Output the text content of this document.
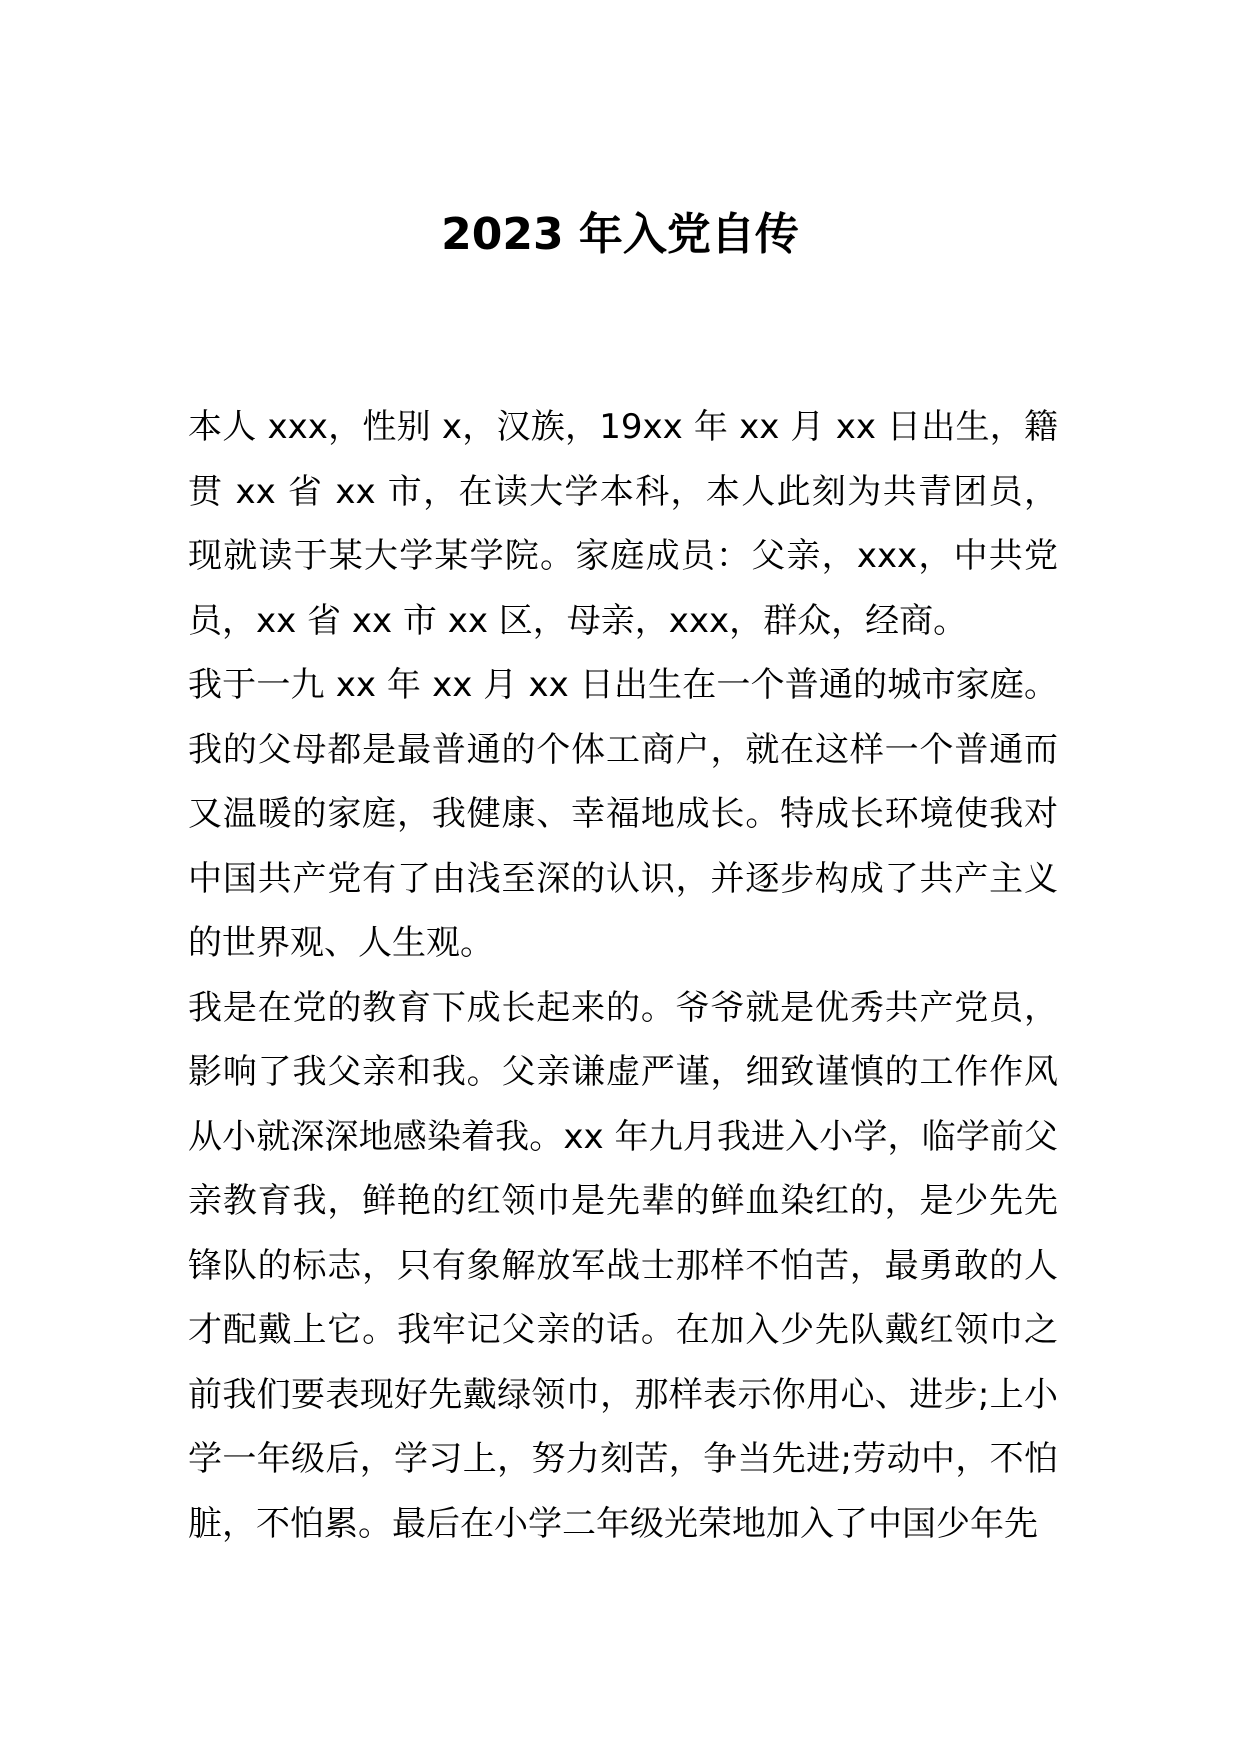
2023 年入党自传

本人 xxx，性别 x，汉族，19xx 年 xx 月 xx 日出生，籍贯 xx 省 xx 市，在读大学本科，本人此刻为共青团员，现就读于某大学某学院。家庭成员：父亲，xxx，中共党员，xx 省 xx 市 xx 区，母亲，xxx，群众，经商。

我于一九 xx 年 xx 月 xx 日出生在一个普通的城市家庭。我的父母都是最普通的个体工商户，就在这样一个普通而又温暖的家庭，我健康、幸福地成长。特成长环境使我对中国共产党有了由浅至深的认识，并逐步构成了共产主义的世界观、人生观。

我是在党的教育下成长起来的。爷爷就是优秀共产党员，影响了我父亲和我。父亲谦虚严谨，细致谨慎的工作作风从小就深深地感染着我。xx 年九月我进入小学，临学前父亲教育我，鲜艳的红领巾是先辈的鲜血染红的，是少先先锋队的标志，只有象解放军战士那样不怕苦，最勇敢的人才配戴上它。我牢记父亲的话。在加入少先队戴红领巾之前我们要表现好先戴绿领巾，那样表示你用心、进步;上小学一年级后，学习上，努力刻苦，争当先进;劳动中，不怕脏，不怕累。最后在小学二年级光荣地加入了中国少年先
